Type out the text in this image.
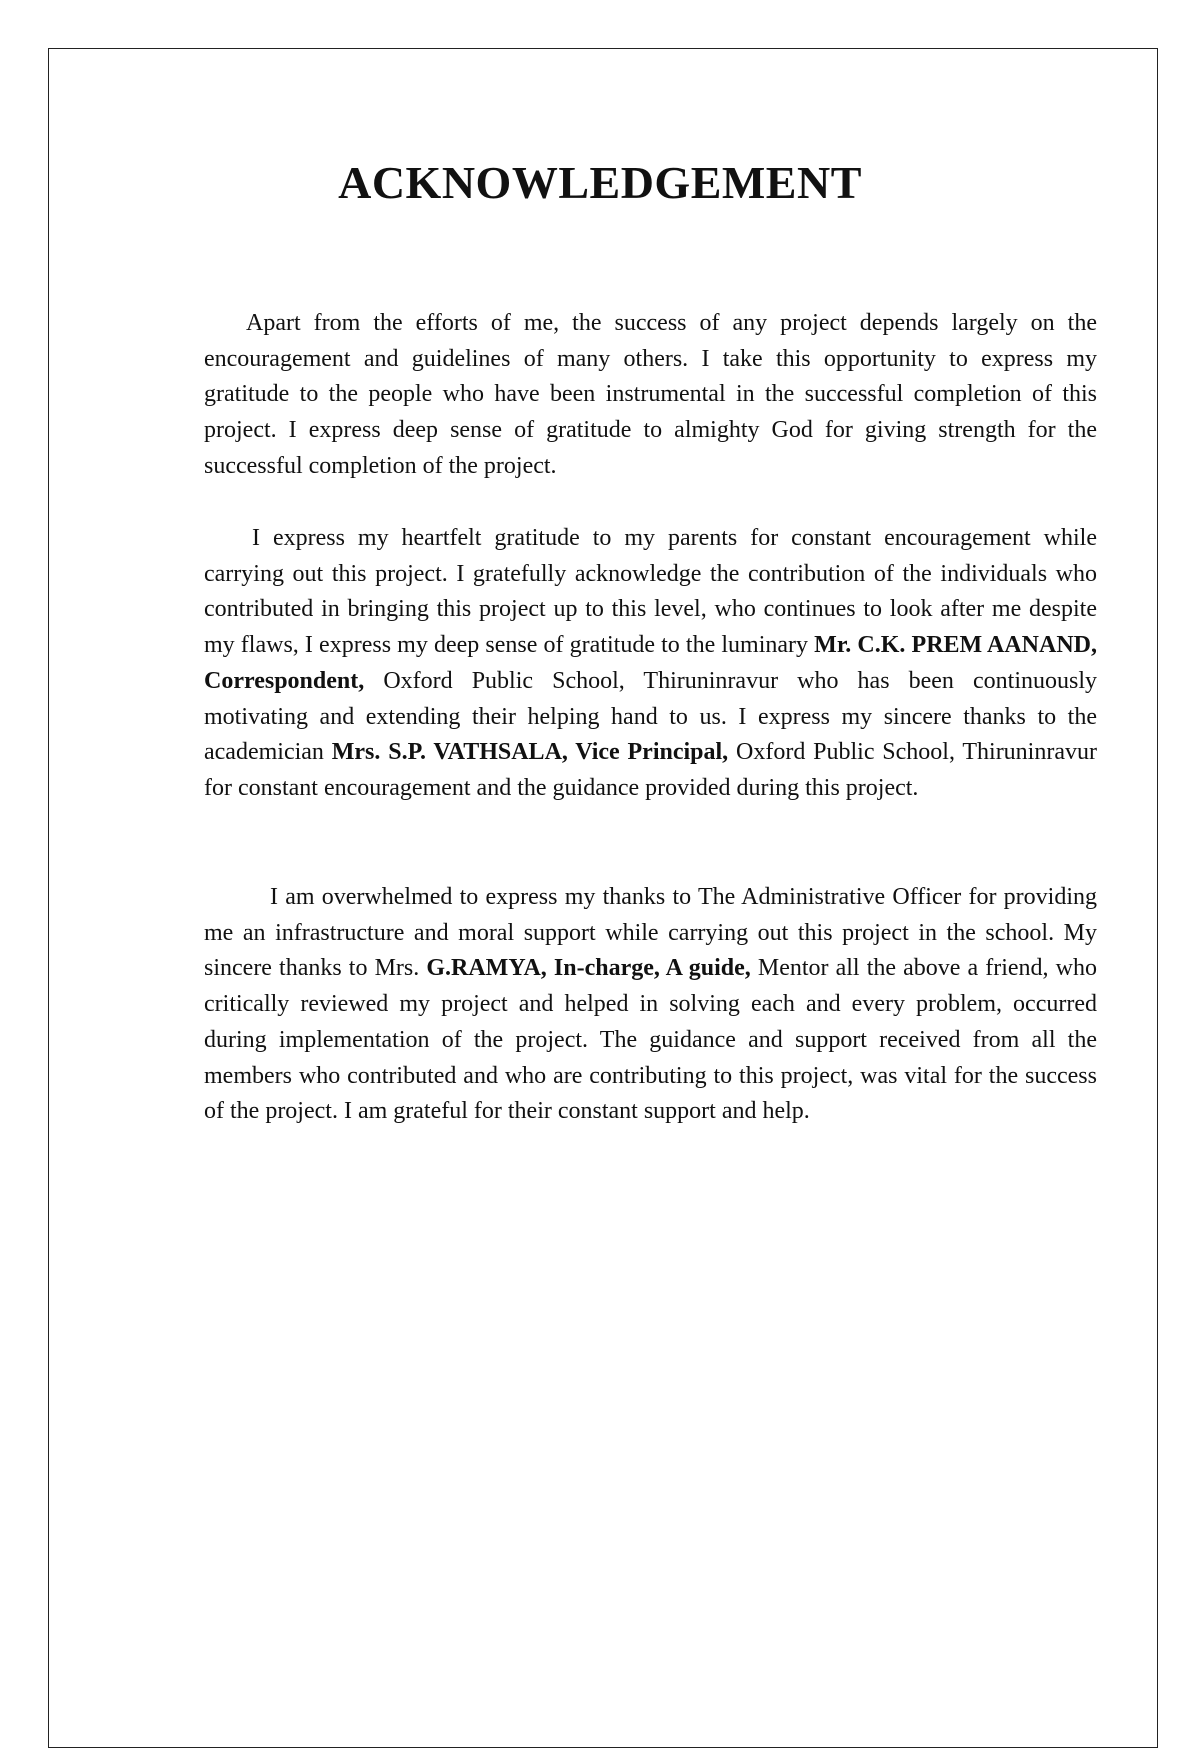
ACKNOWLEDGEMENT

Apart from the efforts of me, the success of any project depends largely on the encouragement and guidelines of many others. I take this opportunity to express my gratitude to the people who have been instrumental in the successful completion of this project. I express deep sense of gratitude to almighty God for giving strength for the successful completion of the project.

I express my heartfelt gratitude to my parents for constant encouragement while carrying out this project. I gratefully acknowledge the contribution of the individuals who contributed in bringing this project up to this level, who continues to look after me despite my flaws, I express my deep sense of gratitude to the luminary Mr. C.K. PREM AANAND, Correspondent, Oxford Public School, Thiruninravur who has been continuously motivating and extending their helping hand to us. I express my sincere thanks to the academician Mrs. S.P. VATHSALA, Vice Principal, Oxford Public School, Thiruninravur for constant encouragement and the guidance provided during this project.

I am overwhelmed to express my thanks to The Administrative Officer for providing me an infrastructure and moral support while carrying out this project in the school. My sincere thanks to Mrs. G.RAMYA, In-charge, A guide, Mentor all the above a friend, who critically reviewed my project and helped in solving each and every problem, occurred during implementation of the project. The guidance and support received from all the members who contributed and who are contributing to this project, was vital for the success of the project. I am grateful for their constant support and help.
